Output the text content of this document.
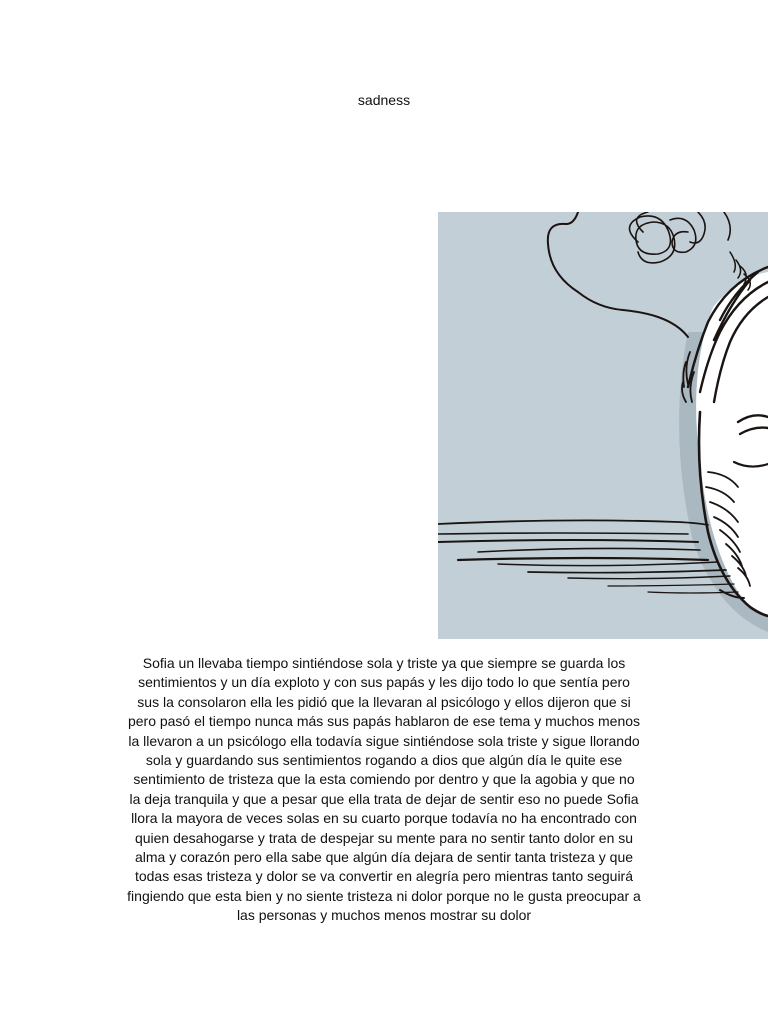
sadness

Sofia un llevaba tiempo sintiéndose sola y triste ya que siempre se guarda los
sentimientos y un día exploto y con sus papás y les dijo todo lo que sentía pero
sus la consolaron ella les pidió que la llevaran al psicólogo y ellos dijeron que si
pero pasó el tiempo nunca más sus papás hablaron de ese tema y muchos menos
la llevaron a un psicólogo ella todavía sigue sintiéndose sola triste y sigue llorando
sola y guardando sus sentimientos rogando a dios que algún día le quite ese
sentimiento de tristeza que la esta comiendo por dentro y que la agobia y que no
la deja tranquila y que a pesar que ella trata de dejar de sentir eso no puede Sofia
llora la mayora de veces solas en su cuarto porque todavía no ha encontrado con
quien desahogarse y trata de despejar su mente para no sentir tanto dolor en su
alma y corazón pero ella sabe que algún día dejara de sentir tanta tristeza y que
todas esas tristeza y dolor se va convertir en alegría pero mientras tanto seguirá
fingiendo que esta bien y no siente tristeza ni dolor porque no le gusta preocupar a
las personas y muchos menos mostrar su dolor
